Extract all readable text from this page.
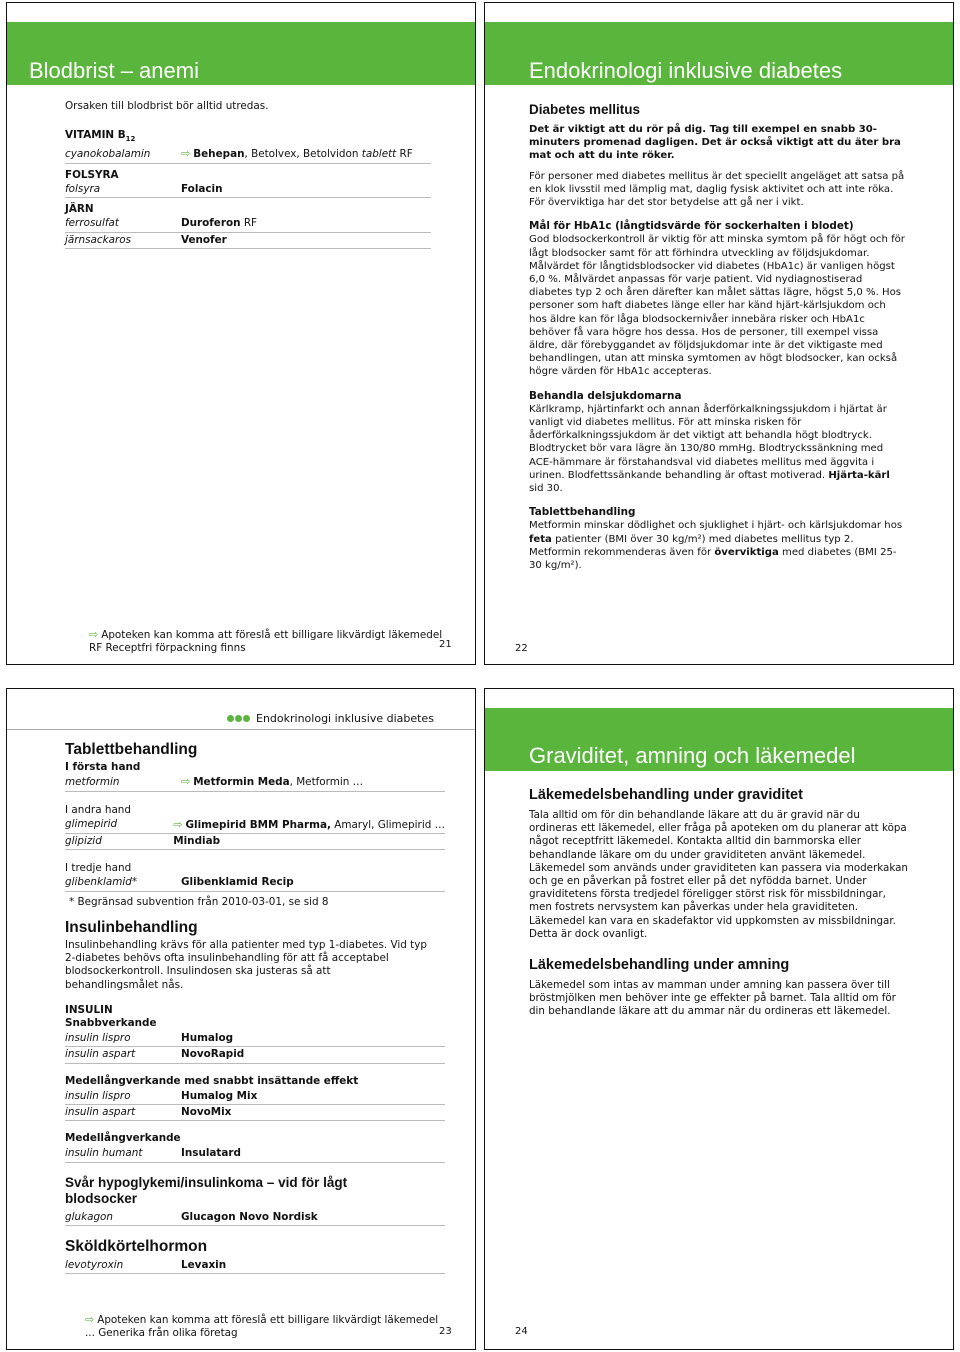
Blodbrist – anemi

Orsaken till blodbrist bör alltid utredas.

VITAMIN $B_{12}$
cyanokobalamin	⇨ Behepan, Betolvex, Betolvidon tablett RF
FOLSYRA
folsyra	Folacin
JÄRN
ferrosulfat	Duroferon RF
järnsackaros	Venofer
⇨ Apoteken kan komma att föreslå ett billigare likvärdigt läkemedel
RF Receptfri förpackning finns	21
Endokrinologi inklusive diabetes
Diabetes mellitus

Det är viktigt att du rör på dig. Tag till exempel en snabb 30-minuters promenad dagligen. Det är också viktigt att du äter bra mat och att du inte röker.

För personer med diabetes mellitus är det speciellt angeläget att satsa på en klok livsstil med lämplig mat, daglig fysisk aktivitet och att inte röka. För överviktiga har det stor betydelse att gå ner i vikt.

Mål för HbA1c (långtidsvärde för sockerhalten i blodet)

God blodsockerkontroll är viktig för att minska symtom på för högt och för lågt blodsocker samt för att förhindra utveckling av följdsjukdomar. Målvärdet för långtidsblodsocker vid diabetes (HbA1c) är vanligen högst 6,0 %. Målvärdet anpassas för varje patient. Vid nydiagnostiserad diabetes typ 2 och åren därefter kan målet sättas lägre, högst 5,0 %. Hos personer som haft diabetes länge eller har känd hjärt-kärlsjukdom och hos äldre kan för låga blodsockernivåer innebära risker och HbA1c behöver få vara högre hos dessa. Hos de personer, till exempel vissa äldre, där förebyggandet av följdsjukdomar inte är det viktigaste med behandlingen, utan att minska symtomen av högt blodsocker, kan också högre värden för HbA1c accepteras.

Behandla delsjukdomarna

Kärlkramp, hjärtinfarkt och annan åderförkalkningssjukdom i hjärtat är vanligt vid diabetes mellitus. För att minska risken för åderförkalkningssjukdom är det viktigt att behandla högt blodtryck. Blodtrycket bör vara lägre än 130/80 mmHg. Blodtryckssänkning med ACE-hämmare är förstahandsval vid diabetes mellitus med äggvita i urinen. Blodfettssänkande behandling är oftast motiverad. Hjärta-kärl sid 30.

Tablettbehandling

Metformin minskar dödlighet och sjuklighet i hjärt- och kärlsjukdomar hos feta patienter (BMI över 30 kg/m²) med diabetes mellitus typ 2. Metformin rekommenderas även för överviktiga med diabetes (BMI 25-30 kg/m²).

22
Endokrinologi inklusive diabetes
Tablettbehandling
I första hand
metformin	⇨ Metformin Meda, Metformin …
I andra hand
glimepirid	⇨ Glimepirid BMM Pharma, Amaryl, Glimepirid …
glipizid	Mindiab
I tredje hand
glibenklamid*	Glibenklamid Recip

* Begränsad subvention från 2010-03-01, se sid 8

Insulinbehandling

Insulinbehandling krävs för alla patienter med typ 1-diabetes. Vid typ 2-diabetes behövs ofta insulinbehandling för att få acceptabel blodsockerkontroll. Insulindosen ska justeras så att behandlingsmålet nås.

INSULIN
Snabbverkande
insulin lispro	Humalog
insulin aspart	NovoRapid
Medellångverkande med snabbt insättande effekt
insulin lispro	Humalog Mix
insulin aspart	NovoMix
Medellångverkande
insulin humant	Insulatard
Svår hypoglykemi/insulinkoma – vid för lågt blodsocker
glukagon	Glucagon Novo Nordisk
Sköldkörtelhormon
levotyroxin	Levaxin
⇨ Apoteken kan komma att föreslå ett billigare likvärdigt läkemedel
... Generika från olika företag	23
Graviditet, amning och läkemedel
Läkemedelsbehandling under graviditet

Tala alltid om för din behandlande läkare att du är gravid när du ordineras ett läkemedel, eller fråga på apoteken om du planerar att köpa något receptfritt läkemedel. Kontakta alltid din barnmorska eller behandlande läkare om du under graviditeten använt läkemedel. Läkemedel som används under graviditeten kan passera via moderkakan och ge en påverkan på fostret eller på det nyfödda barnet. Under graviditetens första tredjedel föreligger störst risk för missbildningar, men fostrets nervsystem kan påverkas under hela graviditeten. Läkemedel kan vara en skadefaktor vid uppkomsten av missbildningar. Detta är dock ovanligt.

Läkemedelsbehandling under amning

Läkemedel som intas av mamman under amning kan passera över till bröstmjölken men behöver inte ge effekter på barnet. Tala alltid om för din behandlande läkare att du ammar när du ordineras ett läkemedel.

24
